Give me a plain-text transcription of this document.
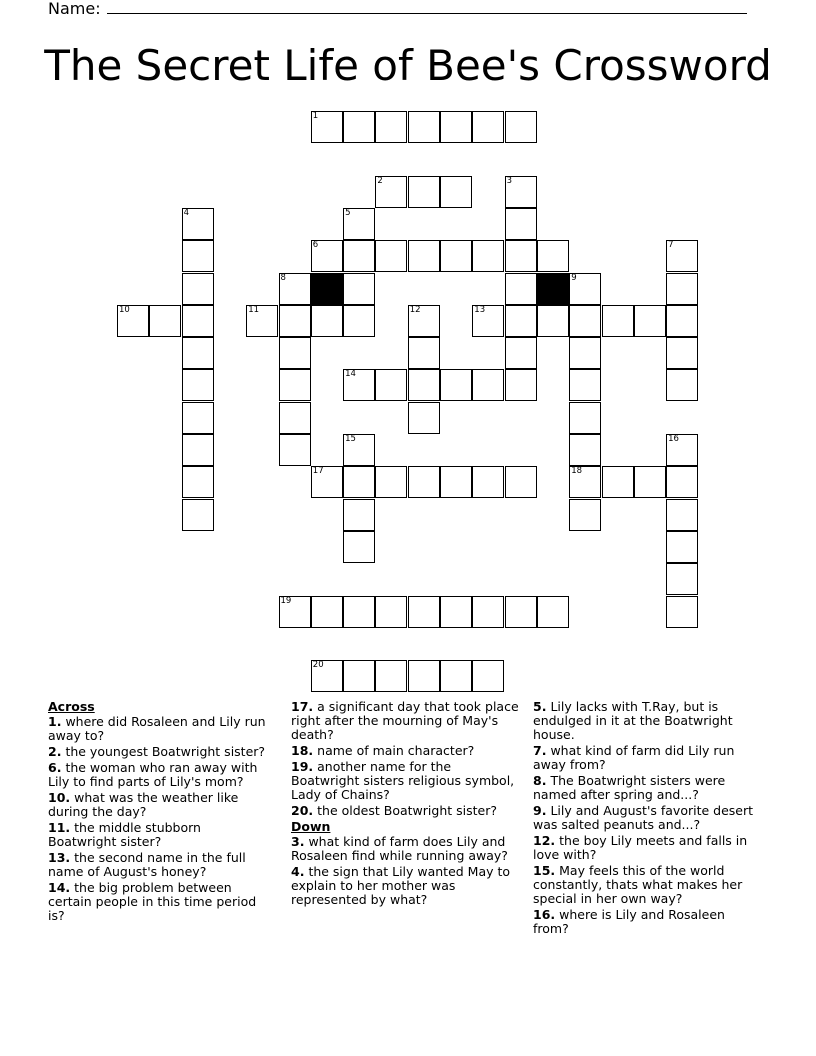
Name:
The Secret Life of Bee's Crossword
1
2
6
10	11	13
14
17	18
19
20
3
4	5
7
8	9
12
15	16
Across
1. where did Rosaleen and Lily run away to?
2. the youngest Boatwright sister?
6. the woman who ran away with Lily to find parts of Lily's mom?
10. what was the weather like during the day?
11. the middle stubborn Boatwright sister?
13. the second name in the full name of August's honey?
14. the big problem between certain people in this time period is?
17. a significant day that took place right after the mourning of May's death?
18. name of main character?
19. another name for the Boatwright sisters religious symbol, Lady of Chains?
20. the oldest Boatwright sister?
Down
3. what kind of farm does Lily and Rosaleen find while running away?
4. the sign that Lily wanted May to explain to her mother was represented by what?
5. Lily lacks with T.Ray, but is endulged in it at the Boatwright house.
7. what kind of farm did Lily run away from?
8. The Boatwright sisters were named after spring and...?
9. Lily and August's favorite desert was salted peanuts and...?
12. the boy Lily meets and falls in love with?
15. May feels this of the world constantly, thats what makes her special in her own way?
16. where is Lily and Rosaleen from?
